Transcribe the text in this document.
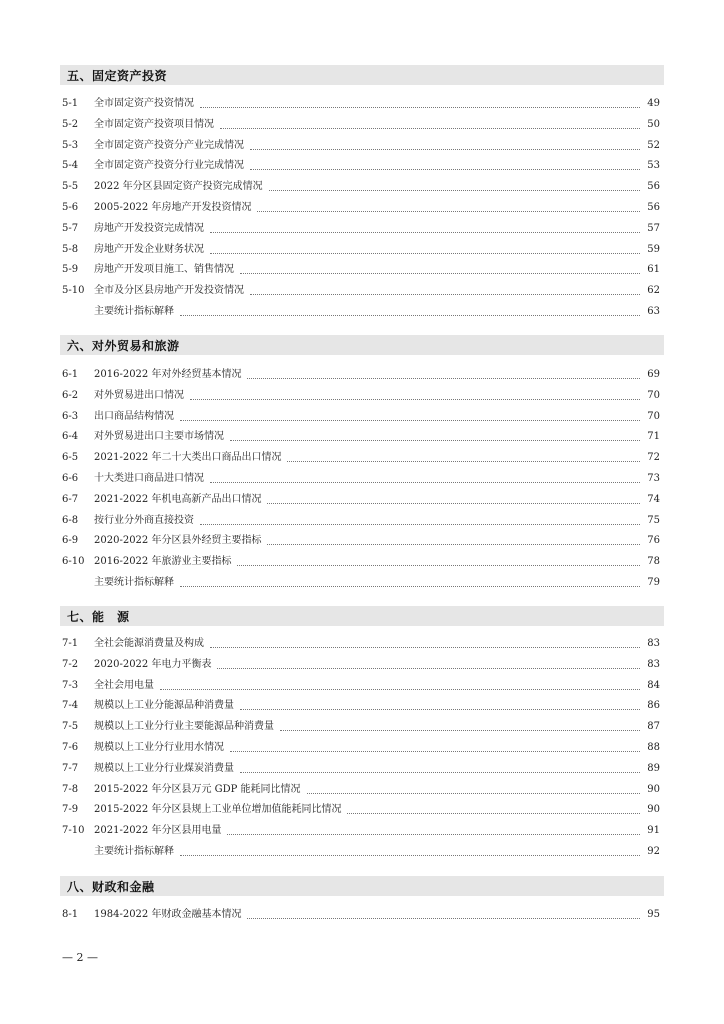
五、固定资产投资
5-1	全市固定资产投资情况	49
5-2	全市固定资产投资项目情况	50
5-3	全市固定资产投资分产业完成情况	52
5-4	全市固定资产投资分行业完成情况	53
5-5	2022 年分区县固定资产投资完成情况	56
5-6	2005-2022 年房地产开发投资情况	56
5-7	房地产开发投资完成情况	57
5-8	房地产开发企业财务状况	59
5-9	房地产开发项目施工、销售情况	61
5-10 全市及分区县房地产开发投资情况	62
主要统计指标解释	63
六、对外贸易和旅游
6-1	2016-2022 年对外经贸基本情况	69
6-2	对外贸易进出口情况	70
6-3	出口商品结构情况	70
6-4	对外贸易进出口主要市场情况	71
6-5	2021-2022 年二十大类出口商品出口情况	72
6-6	十大类进口商品进口情况	73
6-7	2021-2022 年机电高新产品出口情况	74
6-8	按行业分外商直接投资	75
6-9	2020-2022 年分区县外经贸主要指标	76
6-10 2016-2022 年旅游业主要指标	78
主要统计指标解释	79
七、能　源
7-1	全社会能源消费量及构成	83
7-2	2020-2022 年电力平衡表	83
7-3	全社会用电量	84
7-4	规模以上工业分能源品种消费量	86
7-5	规模以上工业分行业主要能源品种消费量	87
7-6	规模以上工业分行业用水情况	88
7-7	规模以上工业分行业煤炭消费量	89
7-8	2015-2022 年分区县万元 GDP 能耗同比情况	90
7-9	2015-2022 年分区县规上工业单位增加值能耗同比情况	90
7-10 2021-2022 年分区县用电量	91
主要统计指标解释	92
八、财政和金融
8-1	1984-2022 年财政金融基本情况	95
— 2 —
